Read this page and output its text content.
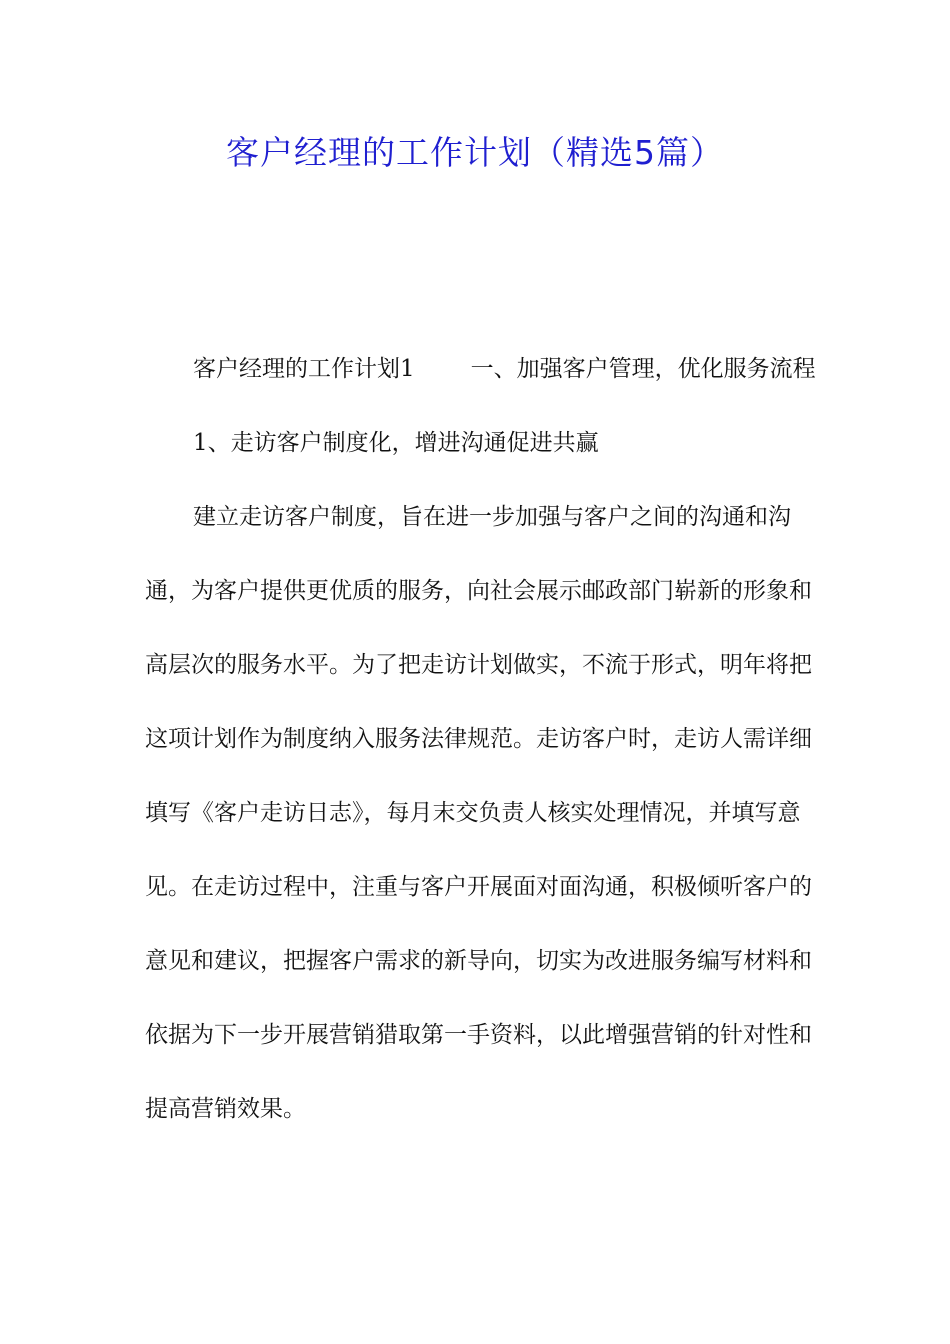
客户经理的工作计划（精选5篇）

客户经理的工作计划1 一、加强客户管理，优化服务流程

1、走访客户制度化，增进沟通促进共赢

建立走访客户制度，旨在进一步加强与客户之间的沟通和沟通，为客户提供更优质的服务，向社会展示邮政部门崭新的形象和高层次的服务水平。为了把走访计划做实，不流于形式，明年将把这项计划作为制度纳入服务法律规范。走访客户时，走访人需详细填写《客户走访日志》，每月末交负责人核实处理情况，并填写意见。在走访过程中，注重与客户开展面对面沟通，积极倾听客户的意见和建议，把握客户需求的新导向，切实为改进服务编写材料和依据为下一步开展营销猎取第一手资料，以此增强营销的针对性和提高营销效果。
